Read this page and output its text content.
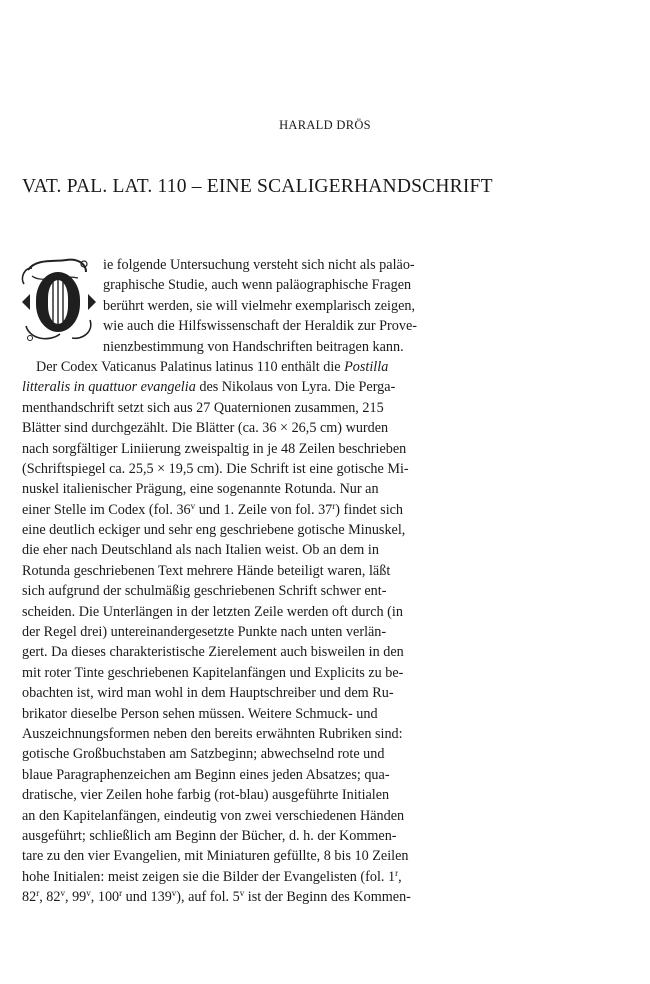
HARALD DRÖS
VAT. PAL. LAT. 110 – EINE SCALIGERHANDSCHRIFT
ie folgende Untersuchung versteht sich nicht als paläo-
graphische Studie, auch wenn paläographische Fragen
berührt werden, sie will vielmehr exemplarisch zeigen,
wie auch die Hilfswissenschaft der Heraldik zur Prove-
nienzbestimmung von Handschriften beitragen kann.
Der Codex Vaticanus Palatinus latinus 110 enthält die Postilla
litteralis in quattuor evangelia des Nikolaus von Lyra. Die Perga-
menthandschrift setzt sich aus 27 Quaternionen zusammen, 215
Blätter sind durchgezählt. Die Blätter (ca. 36 × 26,5 cm) wurden
nach sorgfältiger Liniierung zweispaltig in je 48 Zeilen beschrieben
(Schriftspiegel ca. 25,5 × 19,5 cm). Die Schrift ist eine gotische Mi-
nuskel italienischer Prägung, eine sogenannte Rotunda. Nur an
einer Stelle im Codex (fol. 36$^v$ und 1. Zeile von fol. 37$^r$) findet sich
eine deutlich eckiger und sehr eng geschriebene gotische Minuskel,
die eher nach Deutschland als nach Italien weist. Ob an dem in
Rotunda geschriebenen Text mehrere Hände beteiligt waren, läßt
sich aufgrund der schulmäßig geschriebenen Schrift schwer ent-
scheiden. Die Unterlängen in der letzten Zeile werden oft durch (in
der Regel drei) untereinandergesetzte Punkte nach unten verlän-
gert. Da dieses charakteristische Zierelement auch bisweilen in den
mit roter Tinte geschriebenen Kapitelanfängen und Explicits zu be-
obachten ist, wird man wohl in dem Hauptschreiber und dem Ru-
brikator dieselbe Person sehen müssen. Weitere Schmuck- und
Auszeichnungsformen neben den bereits erwähnten Rubriken sind:
gotische Großbuchstaben am Satzbeginn; abwechselnd rote und
blaue Paragraphenzeichen am Beginn eines jeden Absatzes; qua-
dratische, vier Zeilen hohe farbig (rot-blau) ausgeführte Initialen
an den Kapitelanfängen, eindeutig von zwei verschiedenen Händen
ausgeführt; schließlich am Beginn der Bücher, d. h. der Kommen-
tare zu den vier Evangelien, mit Miniaturen gefüllte, 8 bis 10 Zeilen
hohe Initialen: meist zeigen sie die Bilder der Evangelisten (fol. 1$^r$,
82$^r$, 82$^v$, 99$^v$, 100$^r$ und 139$^v$), auf fol. 5$^v$ ist der Beginn des Kommen-
